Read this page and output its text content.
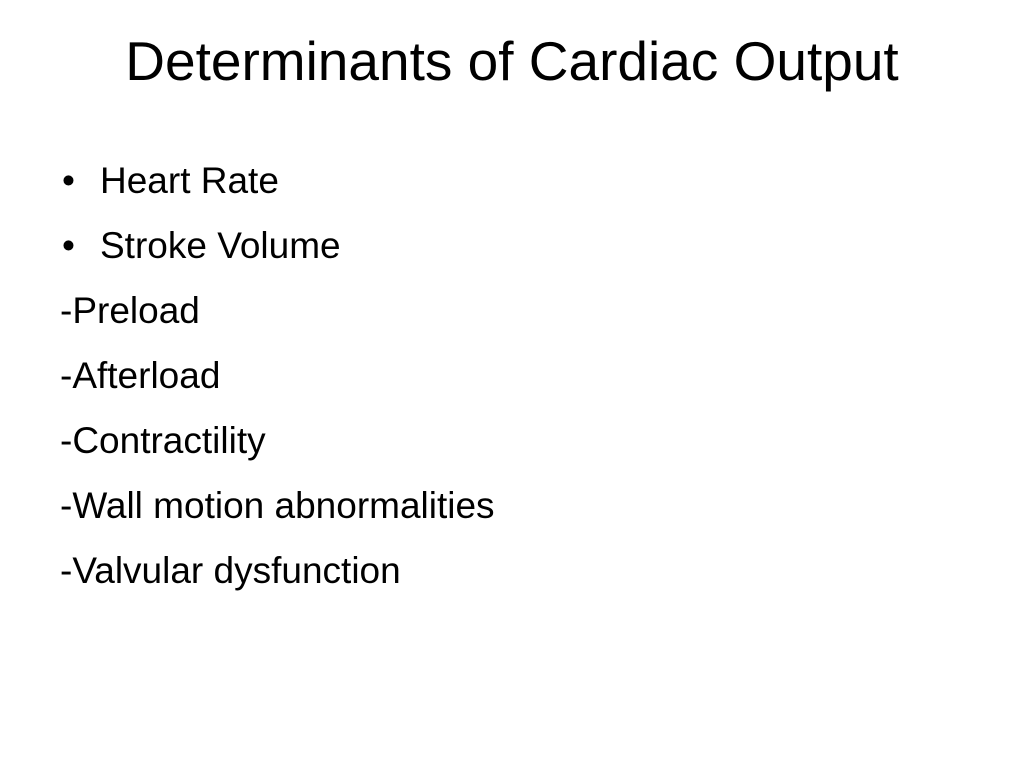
Determinants of Cardiac Output
• Heart Rate
• Stroke Volume
-Preload
-Afterload
-Contractility
-Wall motion abnormalities
-Valvular dysfunction
